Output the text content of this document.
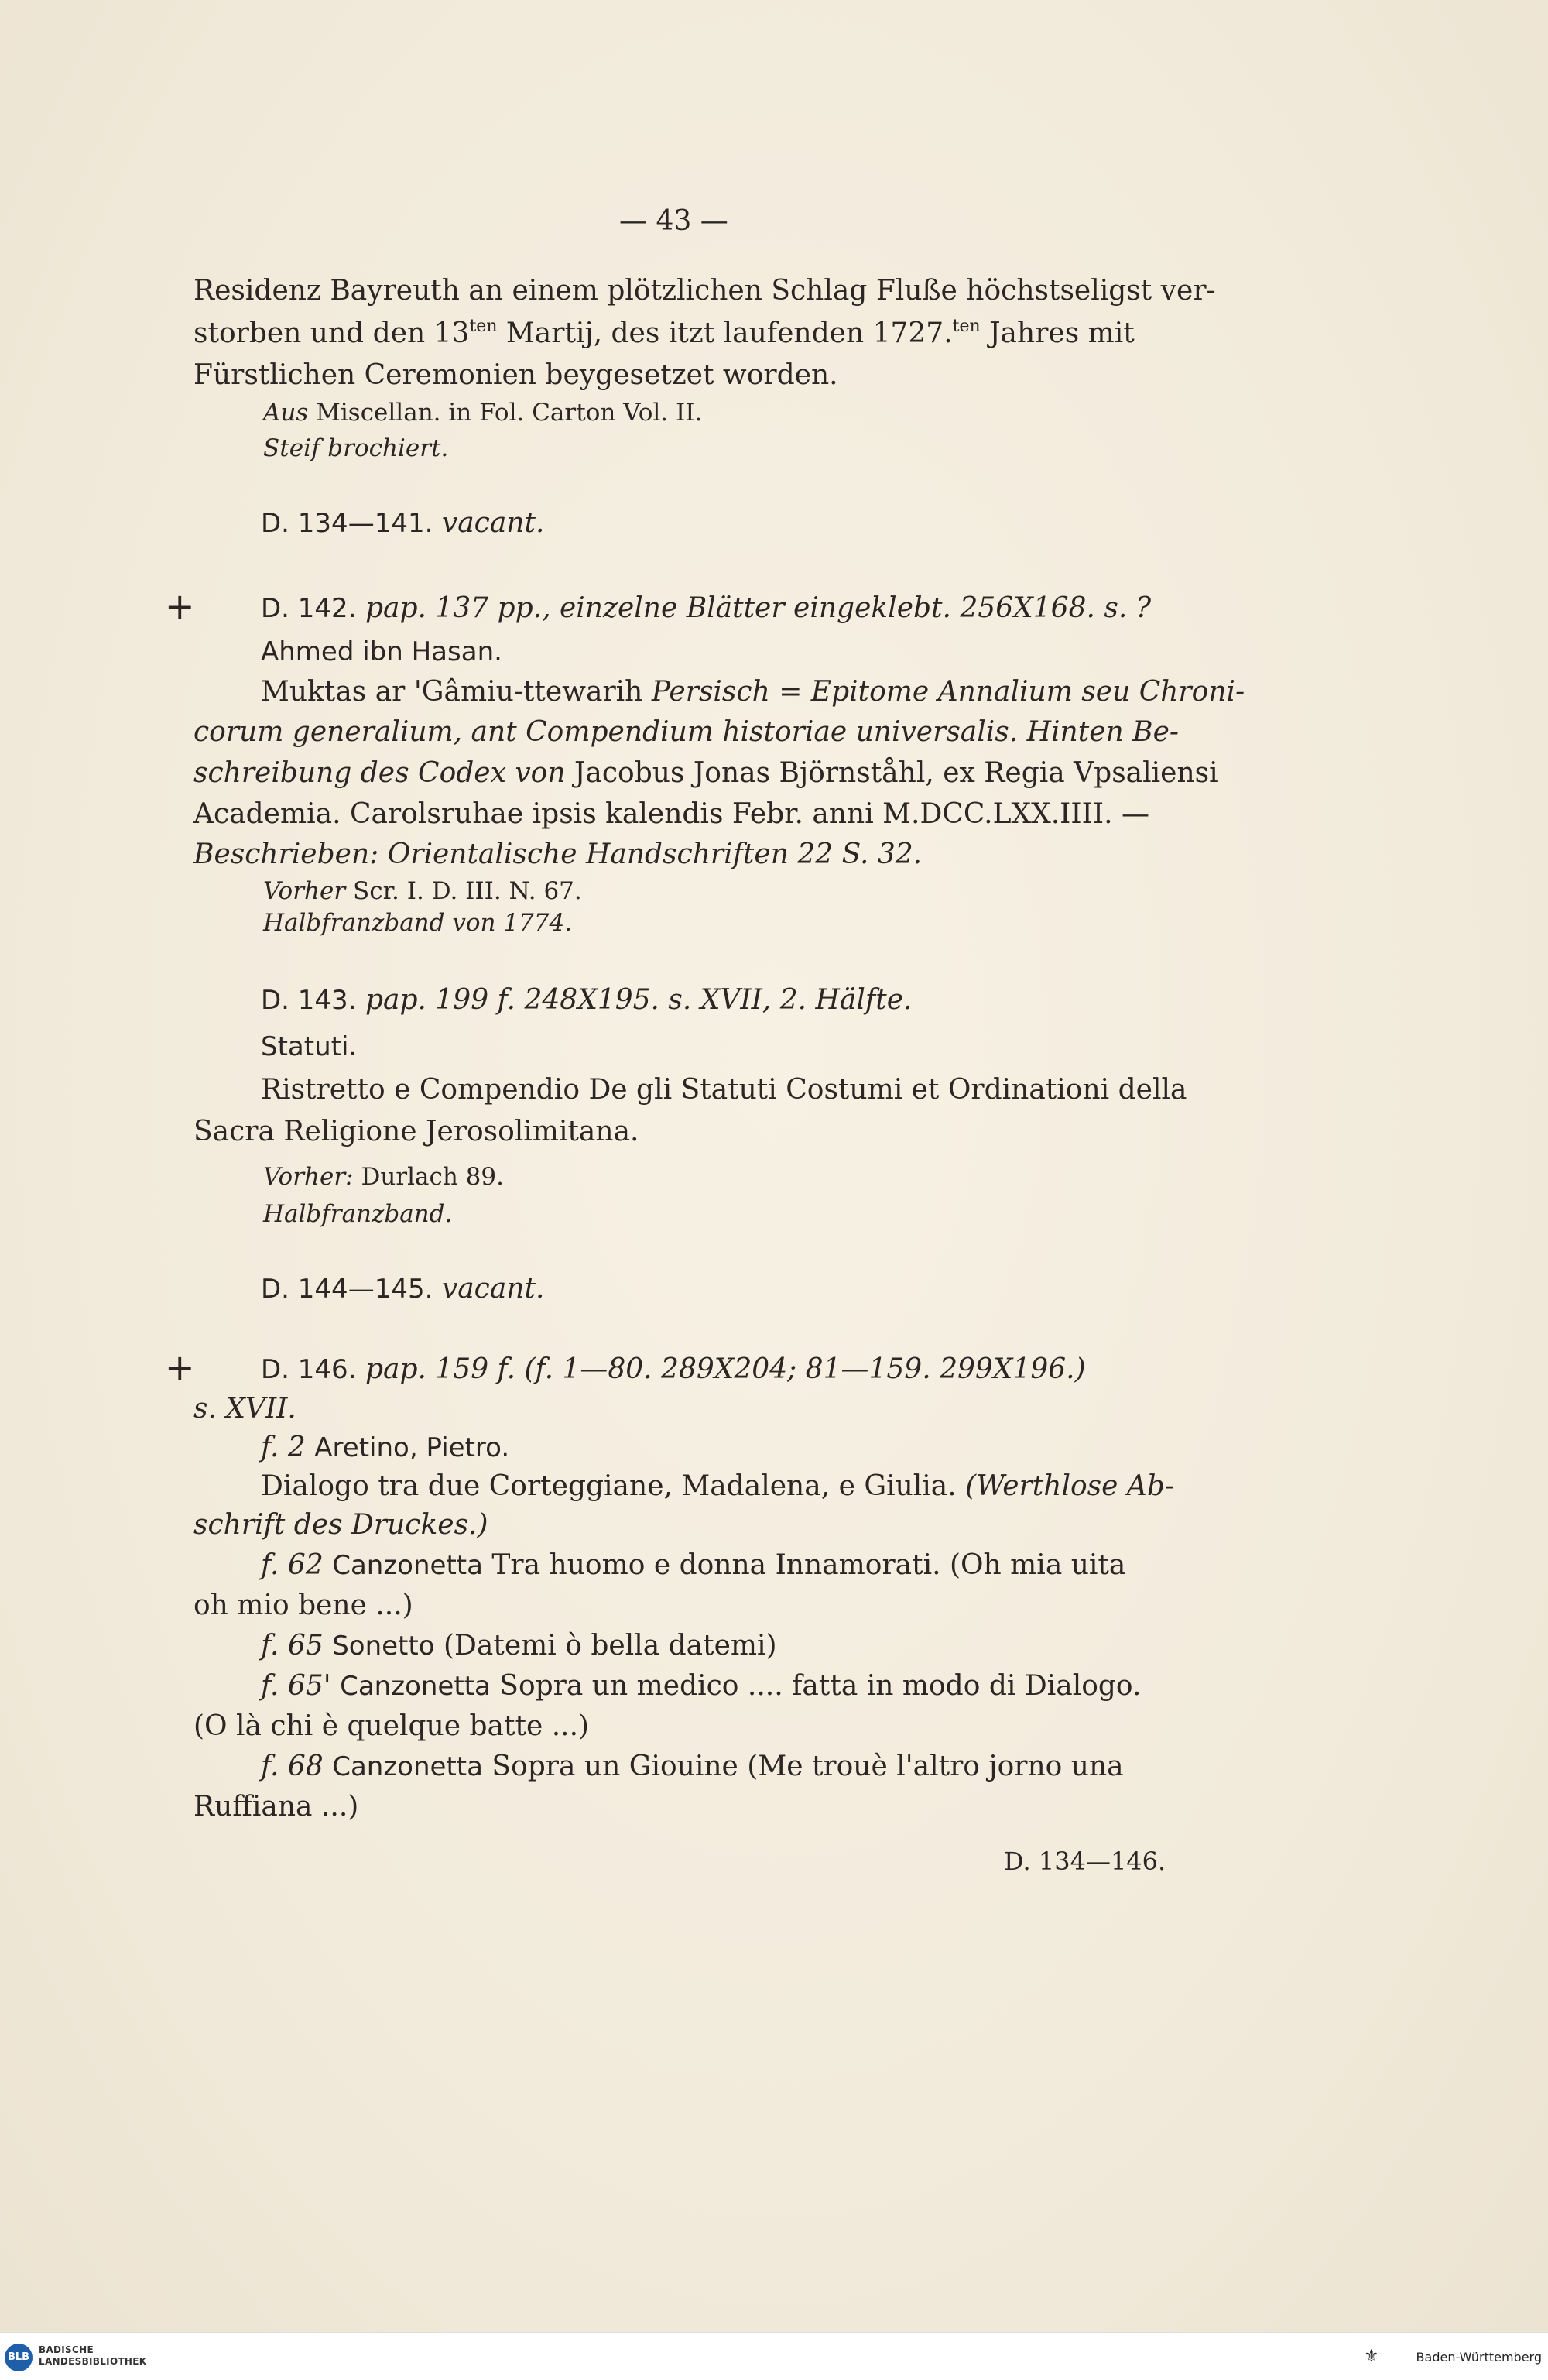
— 43 —
Residenz Bayreuth an einem plötzlichen Schlag Fluße höchstseligst ver-
storben und den $13^{ten}$ Martij, des itzt laufenden 1727.$^{ten}$ Jahres mit
Fürstlichen Ceremonien beygesetzet worden.
Aus Miscellan. in Fol. Carton Vol. II.
Steif brochiert.
D. 134—141. vacant.
+	D. 142. pap. 137 pp., einzelne Blätter eingeklebt. 256X168. s. ?
Ahmed ibn Hasan.
Muktas ar 'Gâmiu-ttewarih Persisch = Epitome Annalium seu Chroni-
corum generalium, ant Compendium historiae universalis. Hinten Be-
schreibung des Codex von Jacobus Jonas Björnståhl, ex Regia Vpsaliensi
Academia. Carolsruhae ipsis kalendis Febr. anni M.DCC.LXX.IIII. —
Beschrieben: Orientalische Handschriften 22 S. 32.
Vorher Scr. I. D. III. N. 67.
Halbfranzband von 1774.
D. 143. pap. 199 f. 248X195. s. XVII, 2. Hälfte.
Statuti.
Ristretto e Compendio De gli Statuti Costumi et Ordinationi della
Sacra Religione Jerosolimitana.
Vorher: Durlach 89.
Halbfranzband.
D. 144—145. vacant.
+	D. 146. pap. 159 f. (f. 1—80. 289X204; 81—159. 299X196.)
s. XVII.
f. 2 Aretino, Pietro.
Dialogo tra due Corteggiane, Madalena, e Giulia. (Werthlose Ab-
schrift des Druckes.)
f. 62 Canzonetta Tra huomo e donna Innamorati. (Oh mia uita
oh mio bene ...)
f. 65 Sonetto (Datemi ò bella datemi)
f. 65' Canzonetta Sopra un medico .... fatta in modo di Dialogo.
(O là chi è quelque batte ...)
f. 68 Canzonetta Sopra un Giouine (Me trouè l'altro jorno una
Ruffiana ...)
D. 134—146.
BLB
BADISCHE
LANDESBIBLIOTHEK	⚜	Baden-Württemberg
